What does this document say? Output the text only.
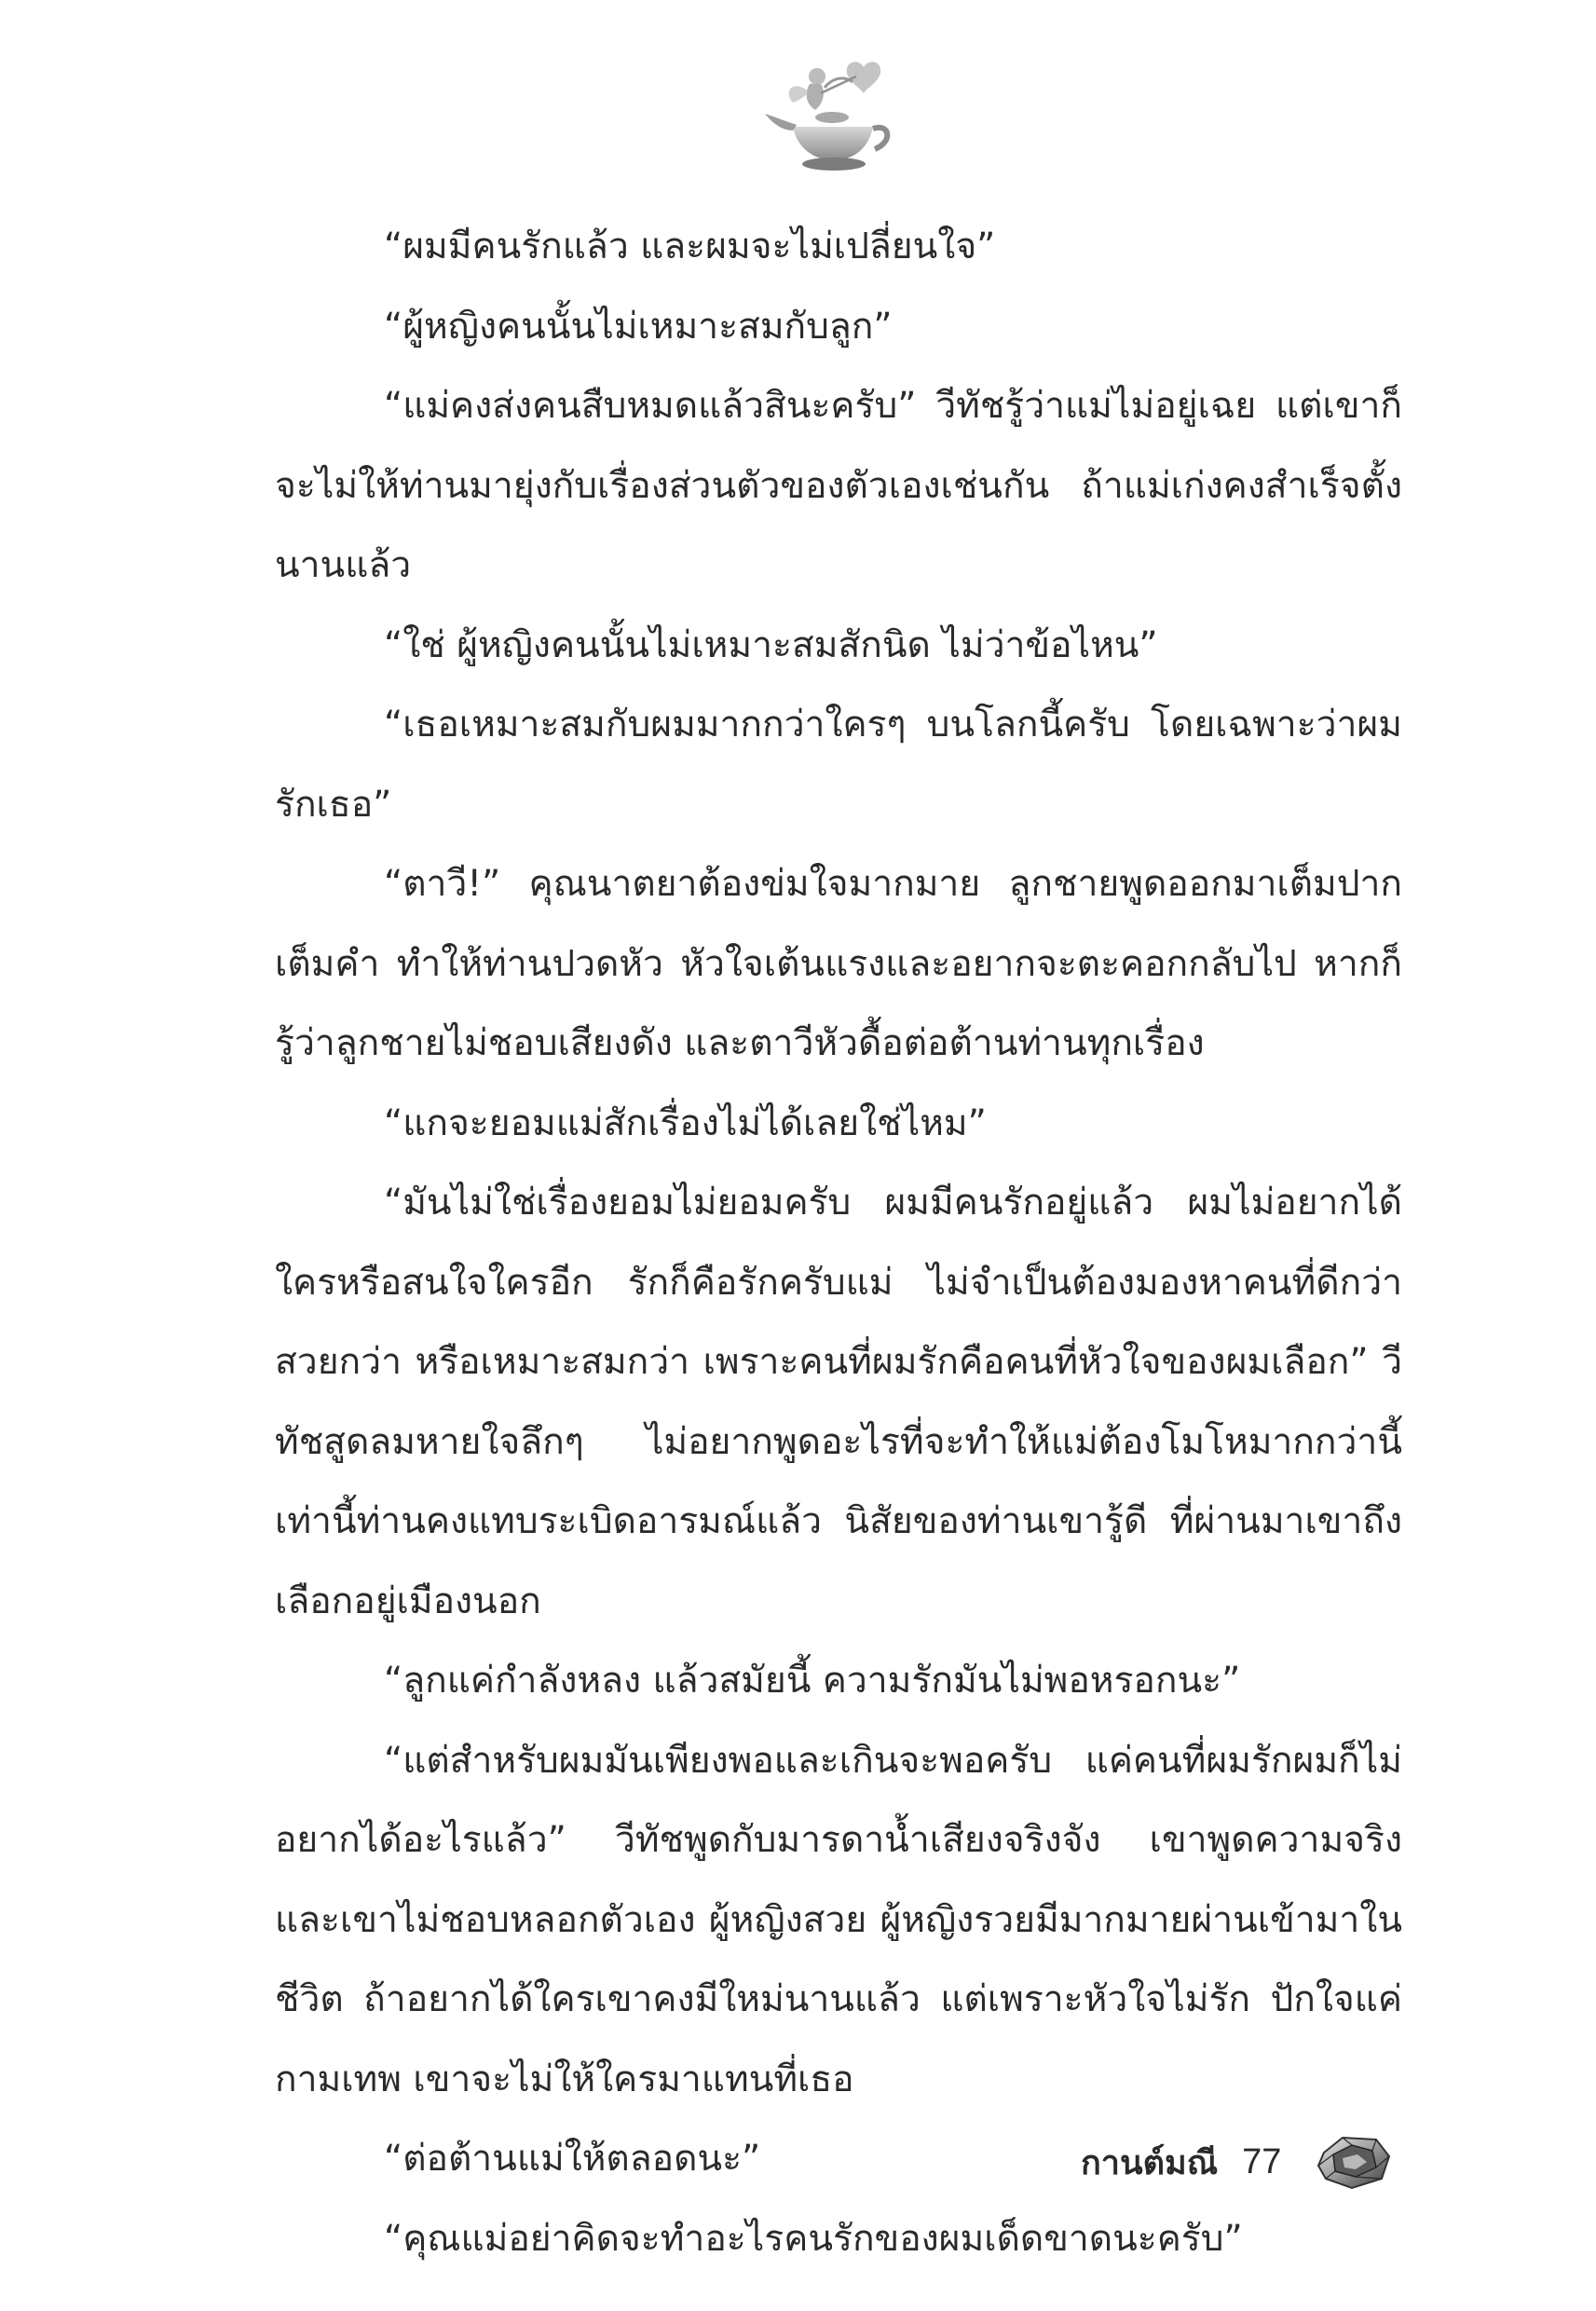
“ผมมีคนรักแล้ว และผมจะไม่เปลี่ยนใจ”

“ผู้หญิงคนนั้นไม่เหมาะสมกับลูก”

“แม่คงส่งคนสืบหมดแล้วสินะครับ” วีทัชรู้ว่าแม่ไม่อยู่เฉย แต่เขาก็จะไม่ให้ท่านมายุ่งกับเรื่องส่วนตัวของตัวเองเช่นกัน ถ้าแม่เก่งคงสำเร็จตั้งนานแล้ว

“ใช่ ผู้หญิงคนนั้นไม่เหมาะสมสักนิด ไม่ว่าข้อไหน”

“เธอเหมาะสมกับผมมากกว่าใครๆ บนโลกนี้ครับ โดยเฉพาะว่าผมรักเธอ”

“ตาวี!” คุณนาตยาต้องข่มใจมากมาย ลูกชายพูดออกมาเต็มปากเต็มคำ ทำให้ท่านปวดหัว หัวใจเต้นแรงและอยากจะตะคอกกลับไป หากก็รู้ว่าลูกชายไม่ชอบเสียงดัง และตาวีหัวดื้อต่อต้านท่านทุกเรื่อง

“แกจะยอมแม่สักเรื่องไม่ได้เลยใช่ไหม”

“มันไม่ใช่เรื่องยอมไม่ยอมครับ ผมมีคนรักอยู่แล้ว ผมไม่อยากได้ใครหรือสนใจใครอีก รักก็คือรักครับแม่ ไม่จำเป็นต้องมองหาคนที่ดีกว่า สวยกว่า หรือเหมาะสมกว่า เพราะคนที่ผมรักคือคนที่หัวใจของผมเลือก” วีทัชสูดลมหายใจลึกๆ ไม่อยากพูดอะไรที่จะทำให้แม่ต้องโมโหมากกว่านี้ เท่านี้ท่านคงแทบระเบิดอารมณ์แล้ว นิสัยของท่านเขารู้ดี ที่ผ่านมาเขาถึงเลือกอยู่เมืองนอก

“ลูกแค่กำลังหลง แล้วสมัยนี้ ความรักมันไม่พอหรอกนะ”

“แต่สำหรับผมมันเพียงพอและเกินจะพอครับ แค่คนที่ผมรักผมก็ไม่อยากได้อะไรแล้ว” วีทัชพูดกับมารดาน้ำเสียงจริงจัง เขาพูดความจริง และเขาไม่ชอบหลอกตัวเอง ผู้หญิงสวย ผู้หญิงรวยมีมากมายผ่านเข้ามาในชีวิต ถ้าอยากได้ใครเขาคงมีใหม่นานแล้ว แต่เพราะหัวใจไม่รัก ปักใจแค่กามเทพ เขาจะไม่ให้ใครมาแทนที่เธอ

“ต่อต้านแม่ให้ตลอดนะ”

“คุณแม่อย่าคิดจะทำอะไรคนรักของผมเด็ดขาดนะครับ”

กานต์มณี 77
